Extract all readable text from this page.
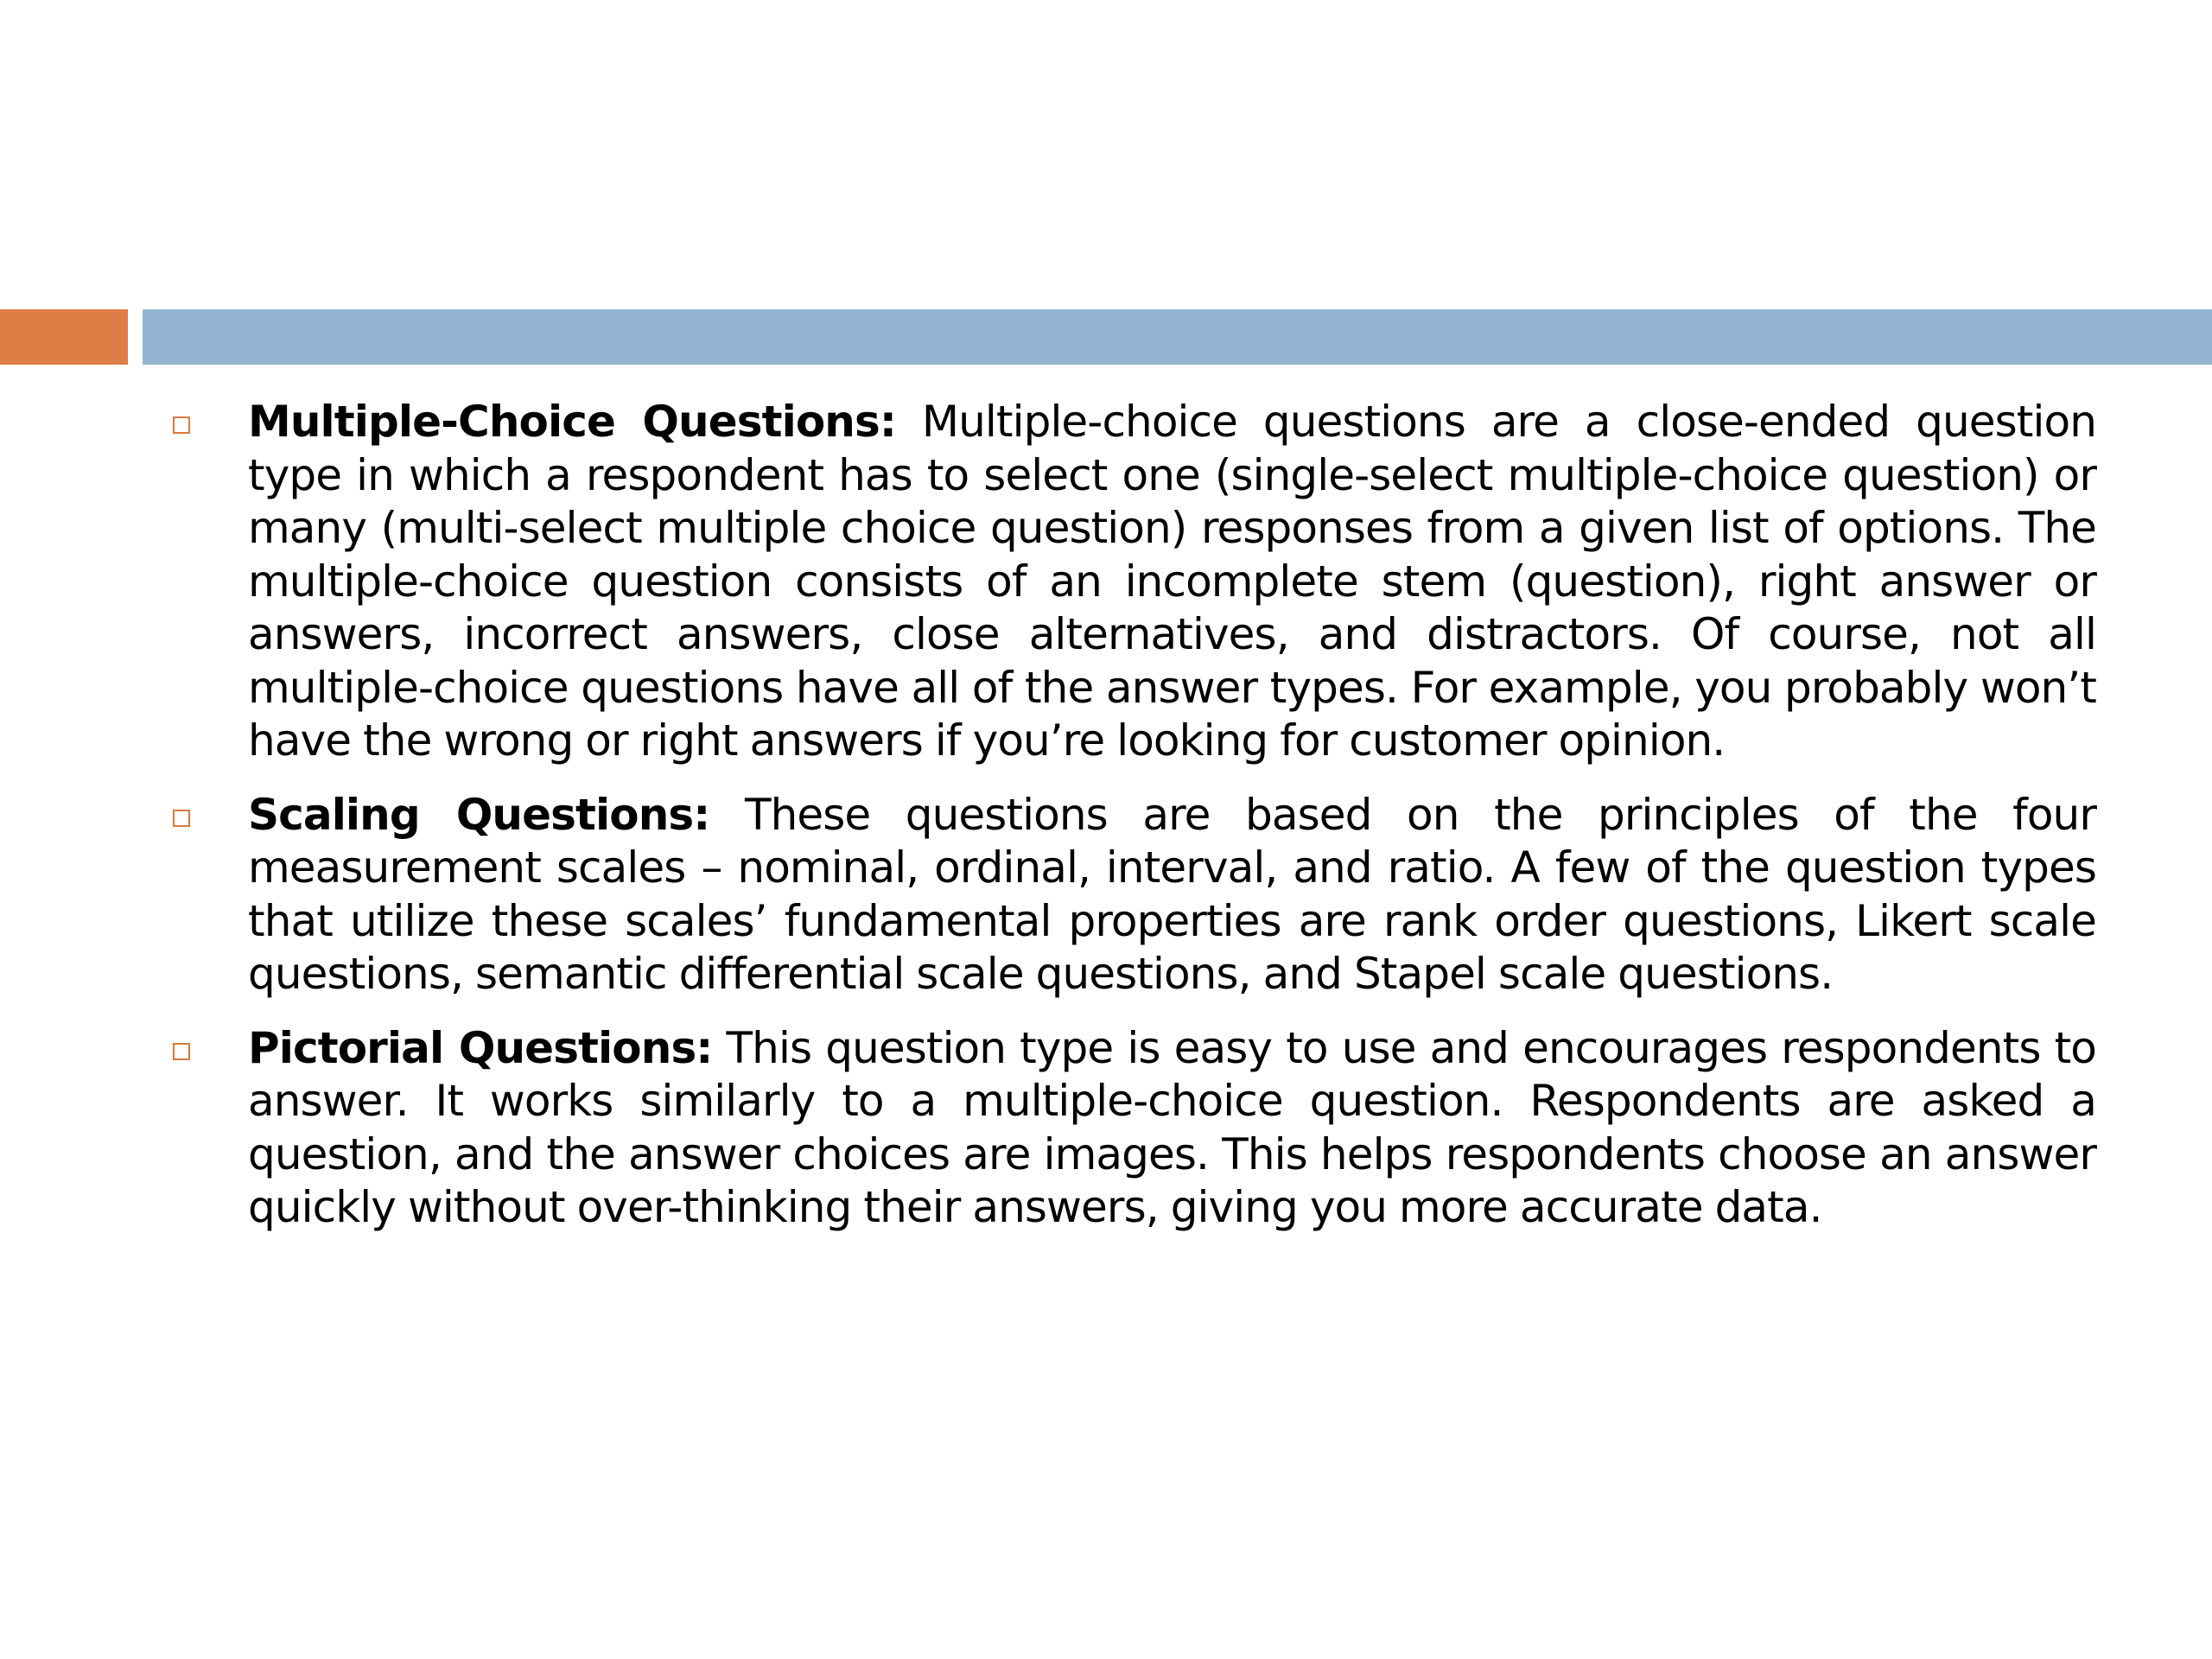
Multiple-Choice Questions: Multiple-choice questions are a close-ended question type in which a respondent has to select one (single-select multiple-choice question) or many (multi-select multiple choice question) responses from a given list of options. The multiple-choice question consists of an incomplete stem (question), right answer or answers, incorrect answers, close alternatives, and distractors. Of course, not all multiple-choice questions have all of the answer types. For example, you probably won’t have the wrong or right answers if you’re looking for customer opinion.
Scaling Questions: These questions are based on the principles of the four measurement scales – nominal, ordinal, interval, and ratio. A few of the question types that utilize these scales’ fundamental properties are rank order questions, Likert scale questions, semantic differential scale questions, and Stapel scale questions.
Pictorial Questions: This question type is easy to use and encourages respondents to answer. It works similarly to a multiple-choice question. Respondents are asked a question, and the answer choices are images. This helps respondents choose an answer quickly without over-thinking their answers, giving you more accurate data.
